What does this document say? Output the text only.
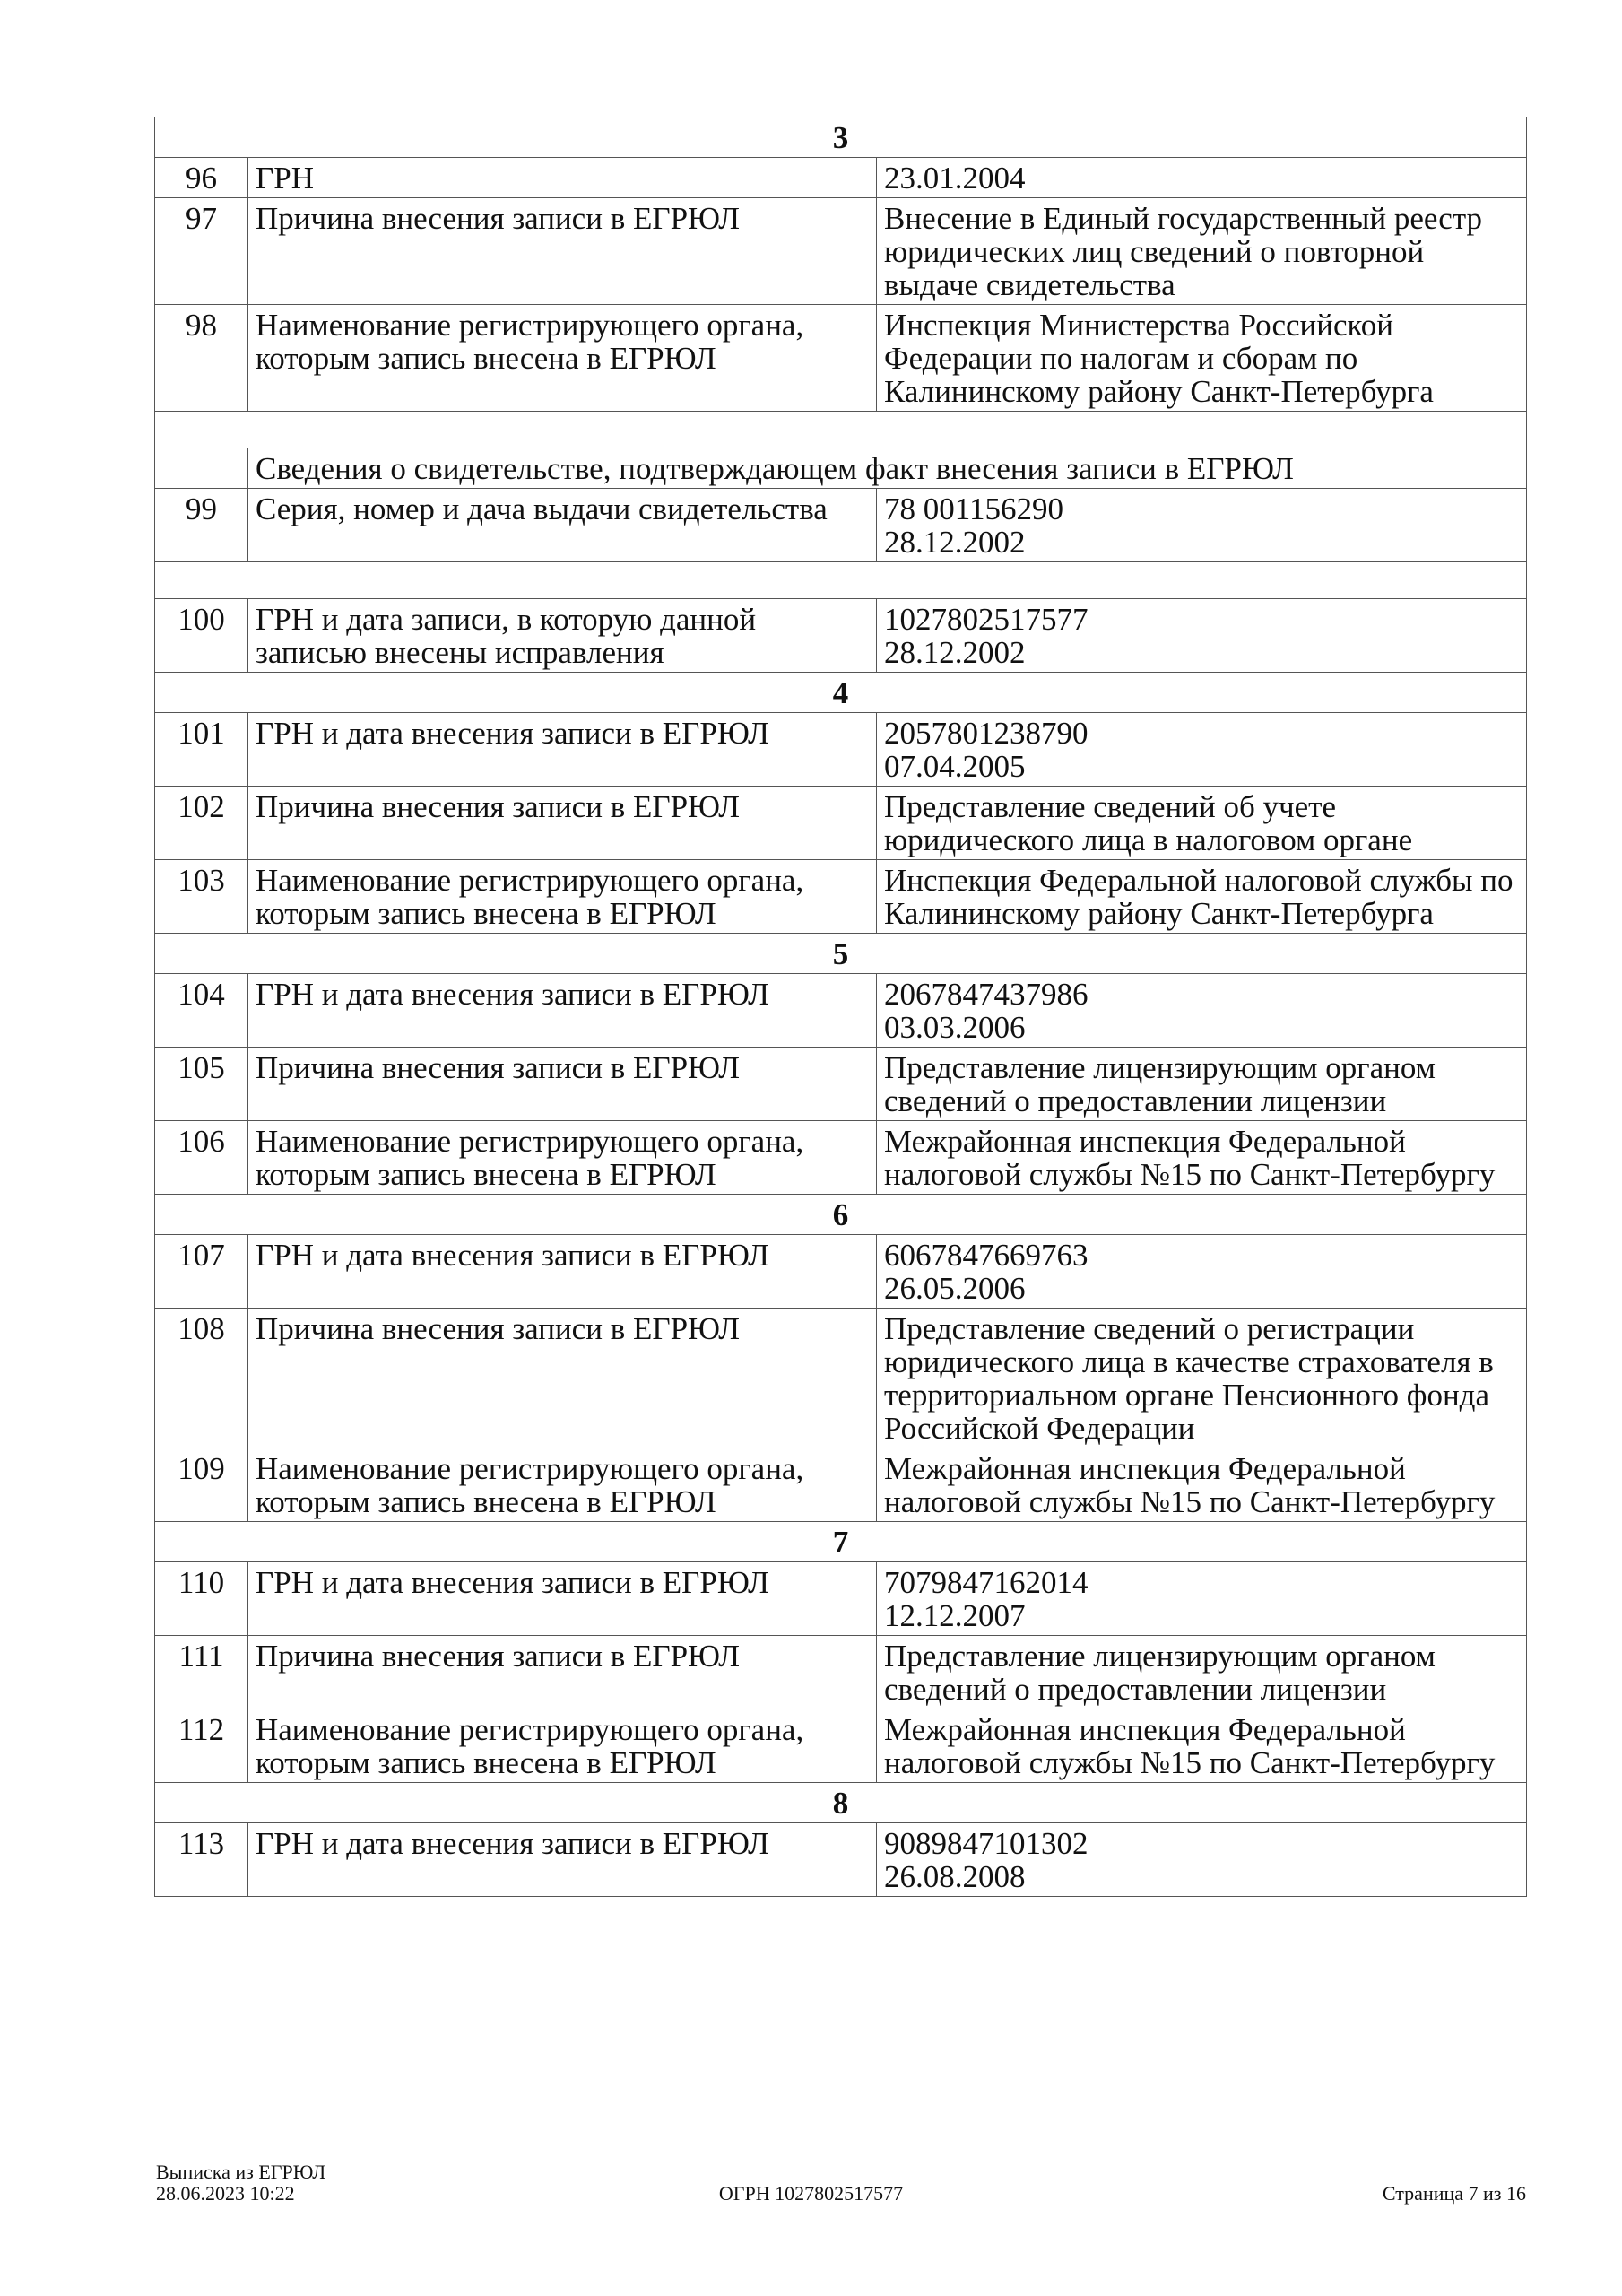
3		
96	ГРН	23.01.2004
97	Причина внесения записи в ЕГРЮЛ	Внесение в Единый государственный реестр юридических лиц сведений о повторной выдаче свидетельства
98	Наименование регистрирующего органа, которым запись внесена в ЕГРЮЛ	Инспекция Министерства Российской Федерации по налогам и сборам по Калининскому району Санкт-Петербурга

	Сведения о свидетельстве, подтверждающем факт внесения записи в ЕГРЮЛ	
99	Серия, номер и дача выдачи свидетельства	78 001156290
28.12.2002

100	ГРН и дата записи, в которую данной записью внесены исправления	1027802517577
28.12.2002
4		
101	ГРН и дата внесения записи в ЕГРЮЛ	2057801238790
07.04.2005
102	Причина внесения записи в ЕГРЮЛ	Представление сведений об учете юридического лица в налоговом органе
103	Наименование регистрирующего органа, которым запись внесена в ЕГРЮЛ	Инспекция Федеральной налоговой службы по Калининскому району Санкт-Петербурга
5		
104	ГРН и дата внесения записи в ЕГРЮЛ	2067847437986
03.03.2006
105	Причина внесения записи в ЕГРЮЛ	Представление лицензирующим органом сведений о предоставлении лицензии
106	Наименование регистрирующего органа, которым запись внесена в ЕГРЮЛ	Межрайонная инспекция Федеральной налоговой службы №15 по Санкт-Петербургу
6		
107	ГРН и дата внесения записи в ЕГРЮЛ	6067847669763
26.05.2006
108	Причина внесения записи в ЕГРЮЛ	Представление сведений о регистрации юридического лица в качестве страхователя в территориальном органе Пенсионного фонда Российской Федерации
109	Наименование регистрирующего органа, которым запись внесена в ЕГРЮЛ	Межрайонная инспекция Федеральной налоговой службы №15 по Санкт-Петербургу
7		
110	ГРН и дата внесения записи в ЕГРЮЛ	7079847162014
12.12.2007
111	Причина внесения записи в ЕГРЮЛ	Представление лицензирующим органом сведений о предоставлении лицензии
112	Наименование регистрирующего органа, которым запись внесена в ЕГРЮЛ	Межрайонная инспекция Федеральной налоговой службы №15 по Санкт-Петербургу
8		
113	ГРН и дата внесения записи в ЕГРЮЛ	9089847101302
26.08.2008
Выписка из ЕГРЮЛ
28.06.2023 10:22	ОГРН 1027802517577	Страница 7 из 16
